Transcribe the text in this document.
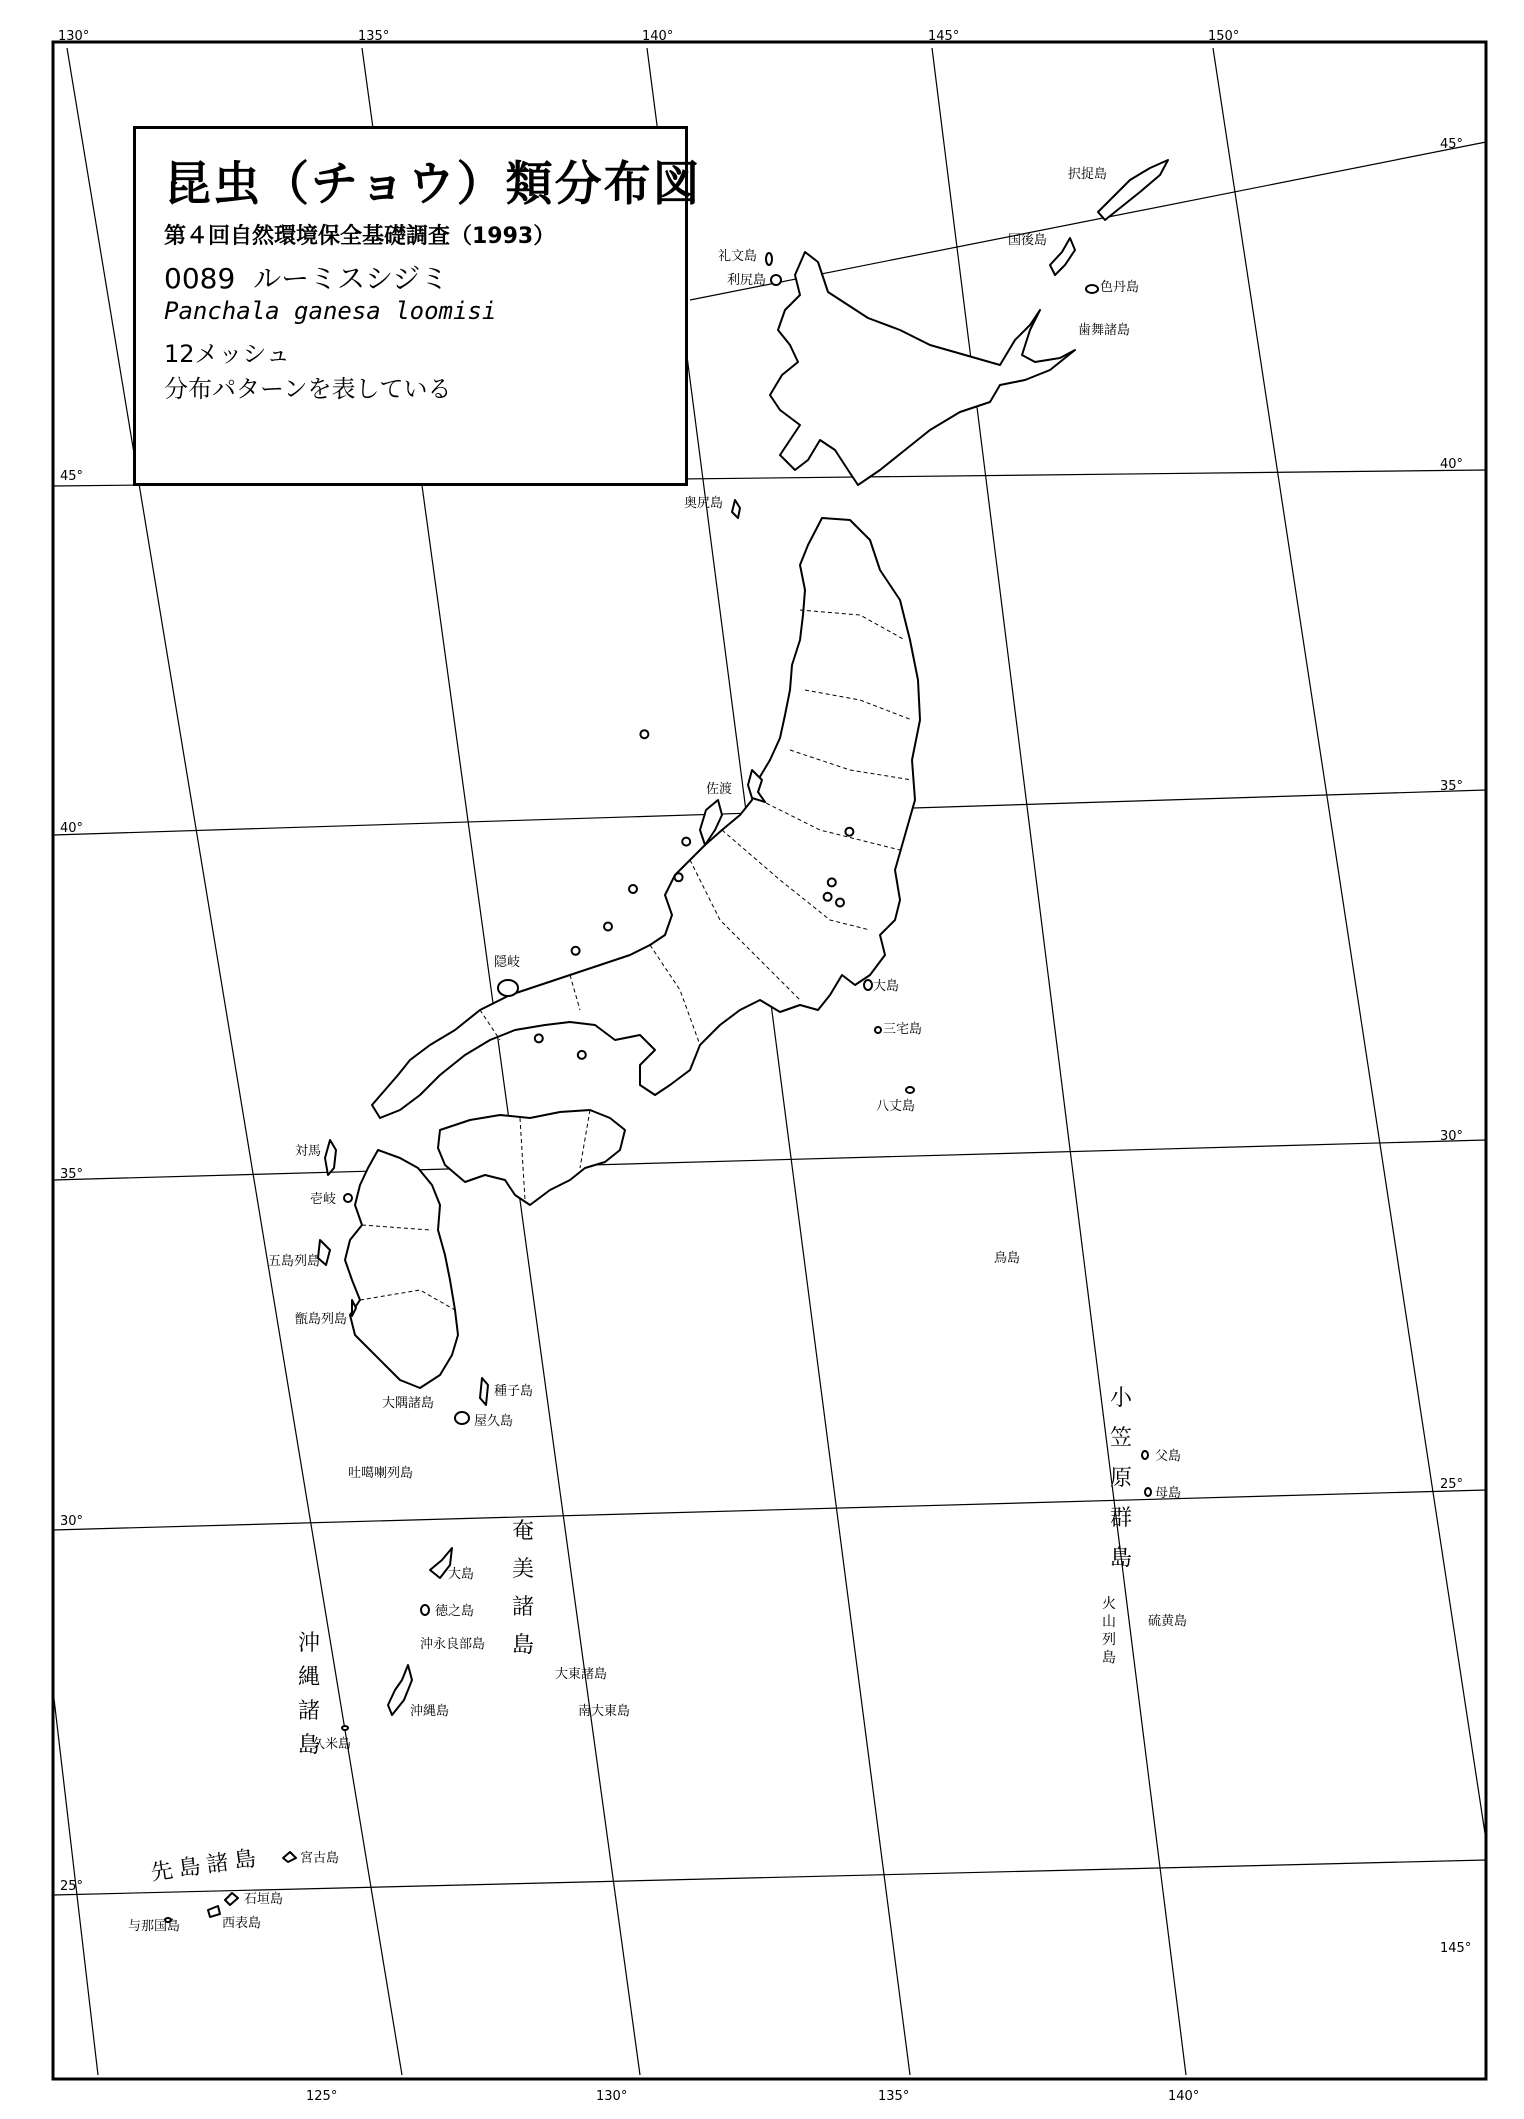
130°	135°	140°	145°	150°
125°	130°	135°	140°
45°
40°
35°
30°
25°
45°
40°
35°
30°
25°
145°
択捉島
国後島
色丹島
歯舞諸島
礼文島
利尻島
奥尻島
佐渡
隠岐
大島
三宅島
八丈島
対馬
壱岐
五島列島
甑島列島
種子島
大隅諸島
屋久島
吐噶喇列島
鳥島
父島
母島
大島
徳之島
沖永良部島
沖縄島
久米島
大東諸島
南大東島
硫黄島
宮古島
石垣島
与那国島	西表島
小笠原群島
奄美諸島
沖縄諸島
火山列島
先島諸島
昆虫（チョウ）類分布図
第４回自然環境保全基礎調査（1993）
0089 ルーミスシジミ
Panchala ganesa loomisi
12メッシュ
分布パターンを表している
